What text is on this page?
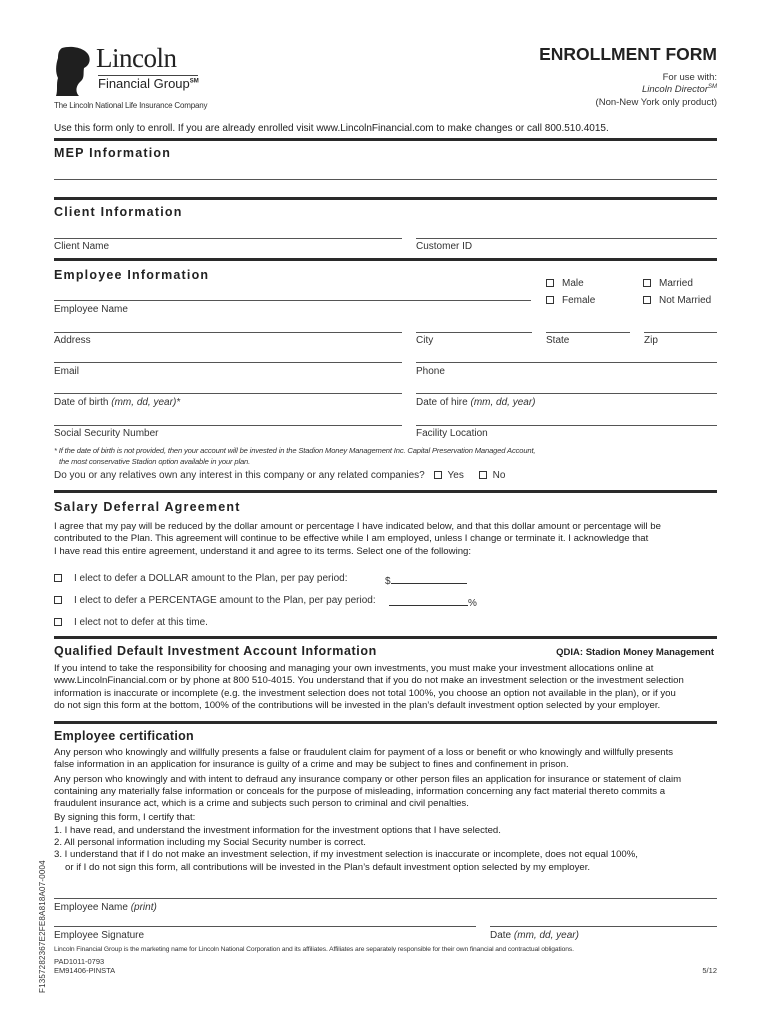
Lincoln
Financial Group℠
The Lincoln National Life Insurance Company
ENROLLMENT FORM
For use with:
Lincoln Director℠
(Non-New York only product)
Use this form only to enroll. If you are already enrolled visit www.LincolnFinancial.com to make changes or call 800.510.4015.
MEP Information
Client Information
Client Name	Customer ID
Employee Information
Male
Female
Married
Not Married
Employee Name
Address	City	State	Zip
Email	Phone
Date of birth (mm, dd, year)*	Date of hire (mm, dd, year)
Social Security Number	Facility Location
* If the date of birth is not provided, then your account will be invested in the Stadion Money Management Inc. Capital Preservation Managed Account,
the most conservative Stadion option available in your plan.
Do you or any relatives own any interest in this company or any related companies? Yes	No
Salary Deferral Agreement
I agree that my pay will be reduced by the dollar amount or percentage I have indicated below, and that this dollar amount or percentage will be
contributed to the Plan. This agreement will continue to be effective while I am employed, unless I change or terminate it. I acknowledge that
I have read this entire agreement, understand it and agree to its terms. Select one of the following:
I elect to defer a DOLLAR amount to the Plan, per pay period:	$
I elect to defer a PERCENTAGE amount to the Plan, per pay period:	%
I elect not to defer at this time.
Qualified Default Investment Account Information	QDIA: Stadion Money Management
If you intend to take the responsibility for choosing and managing your own investments, you must make your investment allocations online at
www.LincolnFinancial.com or by phone at 800 510-4015. You understand that if you do not make an investment selection or the investment selection
information is inaccurate or incomplete (e.g. the investment selection does not total 100%, you choose an option not available in the plan), or if you
do not sign this form at the bottom, 100% of the contributions will be invested in the plan’s default investment option selected by your employer.
Employee certification
Any person who knowingly and willfully presents a false or fraudulent claim for payment of a loss or benefit or who knowingly and willfully presents
false information in an application for insurance is guilty of a crime and may be subject to fines and confinement in prison.
Any person who knowingly and with intent to defraud any insurance company or other person files an application for insurance or statement of claim
containing any materially false information or conceals for the purpose of misleading, information concerning any fact material thereto commits a
fraudulent insurance act, which is a crime and subjects such person to criminal and civil penalties.
By signing this form, I certify that:
1. I have read, and understand the investment information for the investment options that I have selected.
2. All personal information including my Social Security number is correct.
3. I understand that if I do not make an investment selection, if my investment selection is inaccurate or incomplete, does not equal 100%,
or if I do not sign this form, all contributions will be invested in the Plan’s default investment option selected by my employer.
Employee Name (print)
Employee Signature	Date (mm, dd, year)
Lincoln Financial Group is the marketing name for Lincoln National Corporation and its affiliates. Affiliates are separately responsible for their own financial and contractual obligations.
PAD1011-0793
EM91406-PINSTA	5/12
F1357282367E2FE8A818A07-0004
